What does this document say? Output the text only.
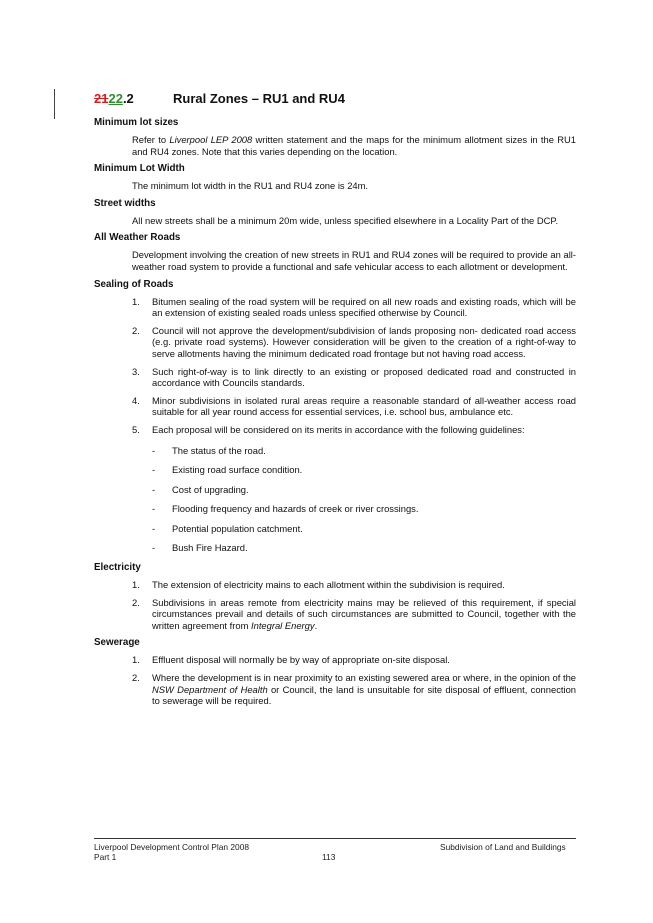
2122.2	Rural Zones – RU1 and RU4
Minimum lot sizes

Refer to Liverpool LEP 2008 written statement and the maps for the minimum allotment sizes in the RU1 and RU4 zones. Note that this varies depending on the location.

Minimum Lot Width

The minimum lot width in the RU1 and RU4 zone is 24m.

Street widths

All new streets shall be a minimum 20m wide, unless specified elsewhere in a Locality Part of the DCP.

All Weather Roads

Development involving the creation of new streets in RU1 and RU4 zones will be required to provide an all-weather road system to provide a functional and safe vehicular access to each allotment or development.

Sealing of Roads
1. Bitumen sealing of the road system will be required on all new roads and existing roads, which will be an extension of existing sealed roads unless specified otherwise by Council.
2. Council will not approve the development/subdivision of lands proposing non- dedicated road access (e.g. private road systems). However consideration will be given to the creation of a right-of-way to serve allotments having the minimum dedicated road frontage but not having road access.
3. Such right-of-way is to link directly to an existing or proposed dedicated road and constructed in accordance with Councils standards.
4. Minor subdivisions in isolated rural areas require a reasonable standard of all-weather access road suitable for all year round access for essential services, i.e. school bus, ambulance etc.
5. Each proposal will be considered on its merits in accordance with the following guidelines:
- The status of the road.
- Existing road surface condition.
- Cost of upgrading.
- Flooding frequency and hazards of creek or river crossings.
- Potential population catchment.
- Bush Fire Hazard.
Electricity
1. The extension of electricity mains to each allotment within the subdivision is required.
2. Subdivisions in areas remote from electricity mains may be relieved of this requirement, if special circumstances prevail and details of such circumstances are submitted to Council, together with the written agreement from Integral Energy.
Sewerage
1. Effluent disposal will normally be by way of appropriate on-site disposal.
2. Where the development is in near proximity to an existing sewered area or where, in the opinion of the NSW Department of Health or Council, the land is unsuitable for site disposal of effluent, connection to sewerage will be required.
Liverpool Development Control Plan 2008
Part 1	113
Subdivision of Land and Buildings
